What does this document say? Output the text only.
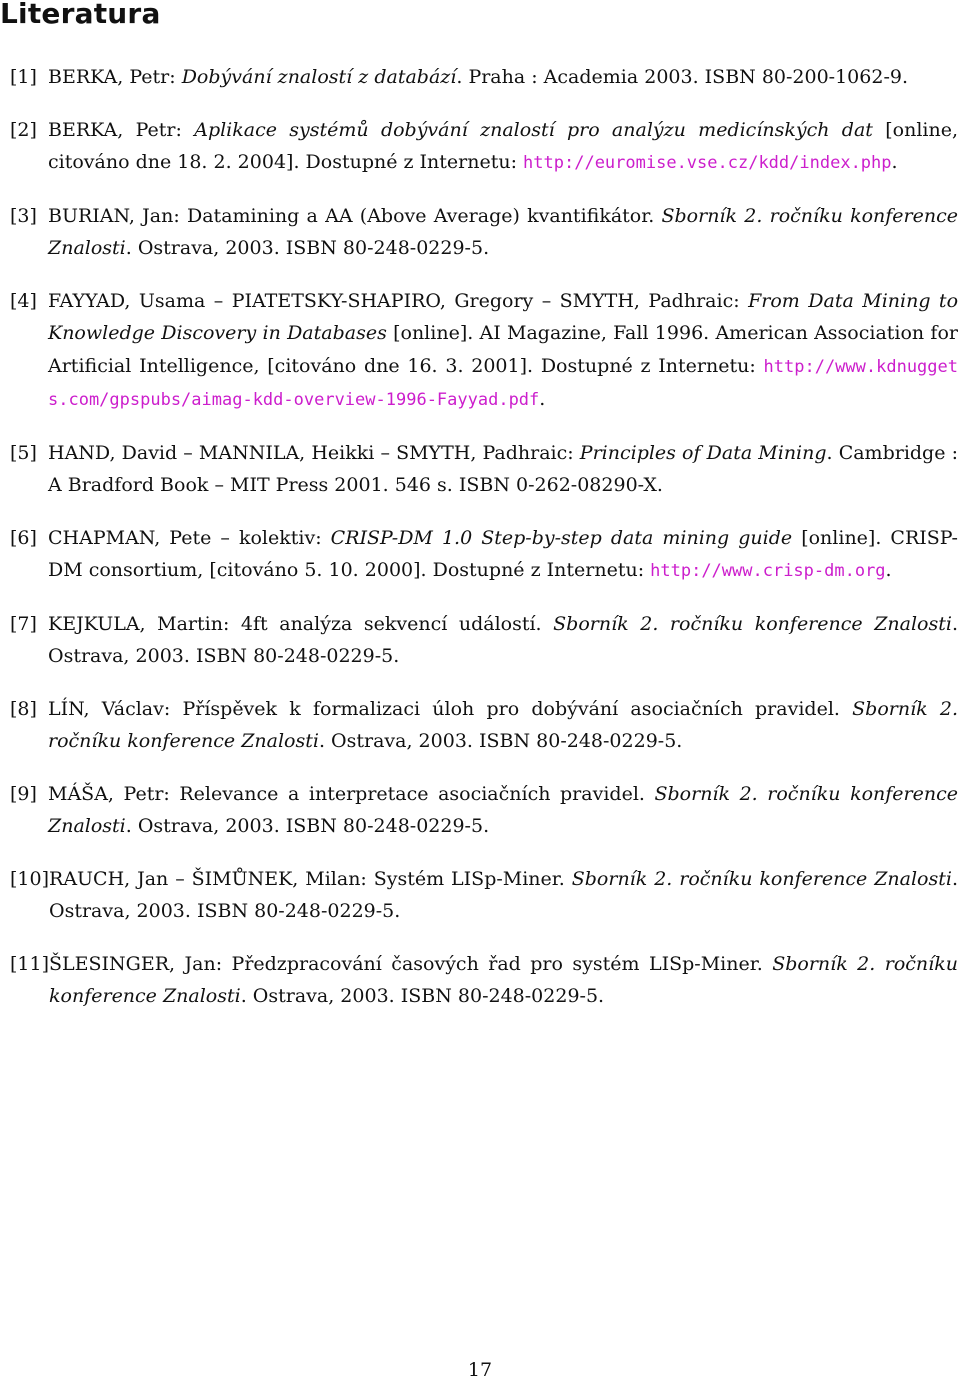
Literatura
[1] BERKA, Petr: Dobývání znalostí z databází. Praha : Academia 2003. ISBN 80-200-1062-9.
[2] BERKA, Petr: Aplikace systémů dobývání znalostí pro analýzu medicínských dat [online, citováno dne 18. 2. 2004]. Dostupné z Internetu: http://euromise.vse.cz/kdd/index.php.
[3] BURIAN, Jan: Datamining a AA (Above Average) kvantifikátor. Sborník 2. ročníku konference Znalosti. Ostrava, 2003. ISBN 80-248-0229-5.
[4] FAYYAD, Usama – PIATETSKY-SHAPIRO, Gregory – SMYTH, Padhraic: From Data Mining to Knowledge Discovery in Databases [online]. AI Magazine, Fall 1996. American Association for Artificial Intelligence, [citováno dne 16. 3. 2001]. Dostupné z Internetu: http://www.kdnuggets.com/gpspubs/aimag-kdd-overview-1996-Fayyad.pdf.
[5] HAND, David – MANNILA, Heikki – SMYTH, Padhraic: Principles of Data Mining. Cambridge : A Bradford Book – MIT Press 2001. 546 s. ISBN 0-262-08290-X.
[6] CHAPMAN, Pete – kolektiv: CRISP-DM 1.0 Step-by-step data mining guide [online]. CRISP-DM consortium, [citováno 5. 10. 2000]. Dostupné z Internetu: http://www.crisp-dm.org.
[7] KEJKULA, Martin: 4ft analýza sekvencí událostí. Sborník 2. ročníku konference Znalosti. Ostrava, 2003. ISBN 80-248-0229-5.
[8] LÍN, Václav: Příspěvek k formalizaci úloh pro dobývání asociačních pravidel. Sborník 2. ročníku konference Znalosti. Ostrava, 2003. ISBN 80-248-0229-5.
[9] MÁŠA, Petr: Relevance a interpretace asociačních pravidel. Sborník 2. ročníku konference Znalosti. Ostrava, 2003. ISBN 80-248-0229-5.
[10] RAUCH, Jan – ŠIMŮNEK, Milan: Systém LISp-Miner. Sborník 2. ročníku konference Znalosti. Ostrava, 2003. ISBN 80-248-0229-5.
[11] ŠLESINGER, Jan: Předzpracování časových řad pro systém LISp-Miner. Sborník 2. ročníku konference Znalosti. Ostrava, 2003. ISBN 80-248-0229-5.
17
